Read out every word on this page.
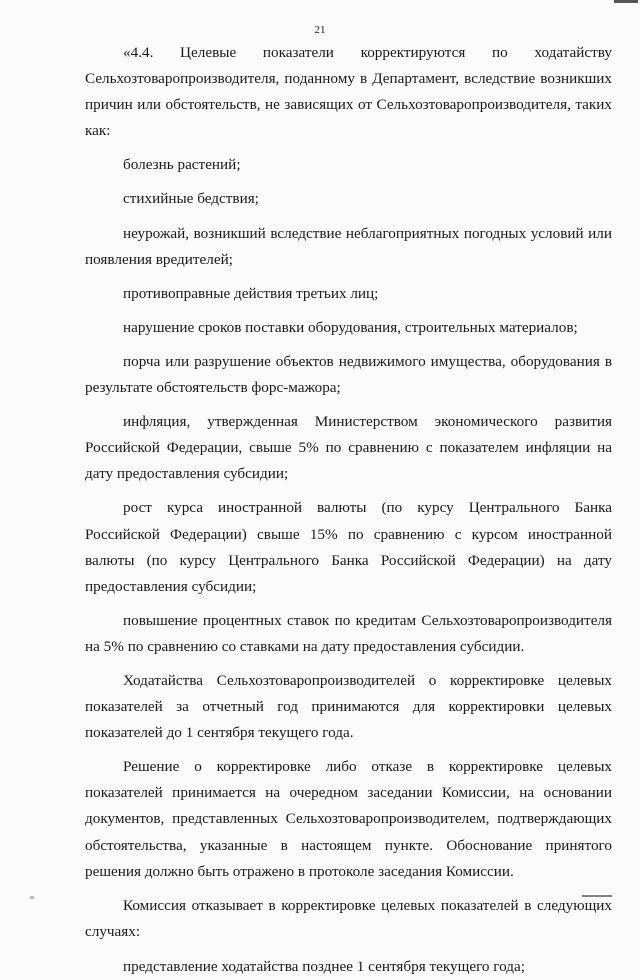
21

«4.4. Целевые показатели корректируются по ходатайству Сельхозтоваропроизводителя, поданному в Департамент, вследствие возникших причин или обстоятельств, не зависящих от Сельхозтоваропроизводителя, таких как:

болезнь растений;

стихийные бедствия;

неурожай, возникший вследствие неблагоприятных погодных условий или появления вредителей;

противоправные действия третьих лиц;

нарушение сроков поставки оборудования, строительных материалов;

порча или разрушение объектов недвижимого имущества, оборудования в результате обстоятельств форс-мажора;

инфляция, утвержденная Министерством экономического развития Российской Федерации, свыше 5% по сравнению с показателем инфляции на дату предоставления субсидии;

рост курса иностранной валюты (по курсу Центрального Банка Российской Федерации) свыше 15% по сравнению с курсом иностранной валюты (по курсу Центрального Банка Российской Федерации) на дату предоставления субсидии;

повышение процентных ставок по кредитам Сельхозтоваропроизводителя на 5% по сравнению со ставками на дату предоставления субсидии.

Ходатайства Сельхозтоваропроизводителей о корректировке целевых показателей за отчетный год принимаются для корректировки целевых показателей до 1 сентября текущего года.

Решение о корректировке либо отказе в корректировке целевых показателей принимается на очередном заседании Комиссии, на основании документов, представленных Сельхозтоваропроизводителем, подтверждающих обстоятельства, указанные в настоящем пункте. Обоснование принятого решения должно быть отражено в протоколе заседания Комиссии.

Комиссия отказывает в корректировке целевых показателей в следующих случаях:

представление ходатайства позднее 1 сентября текущего года;
